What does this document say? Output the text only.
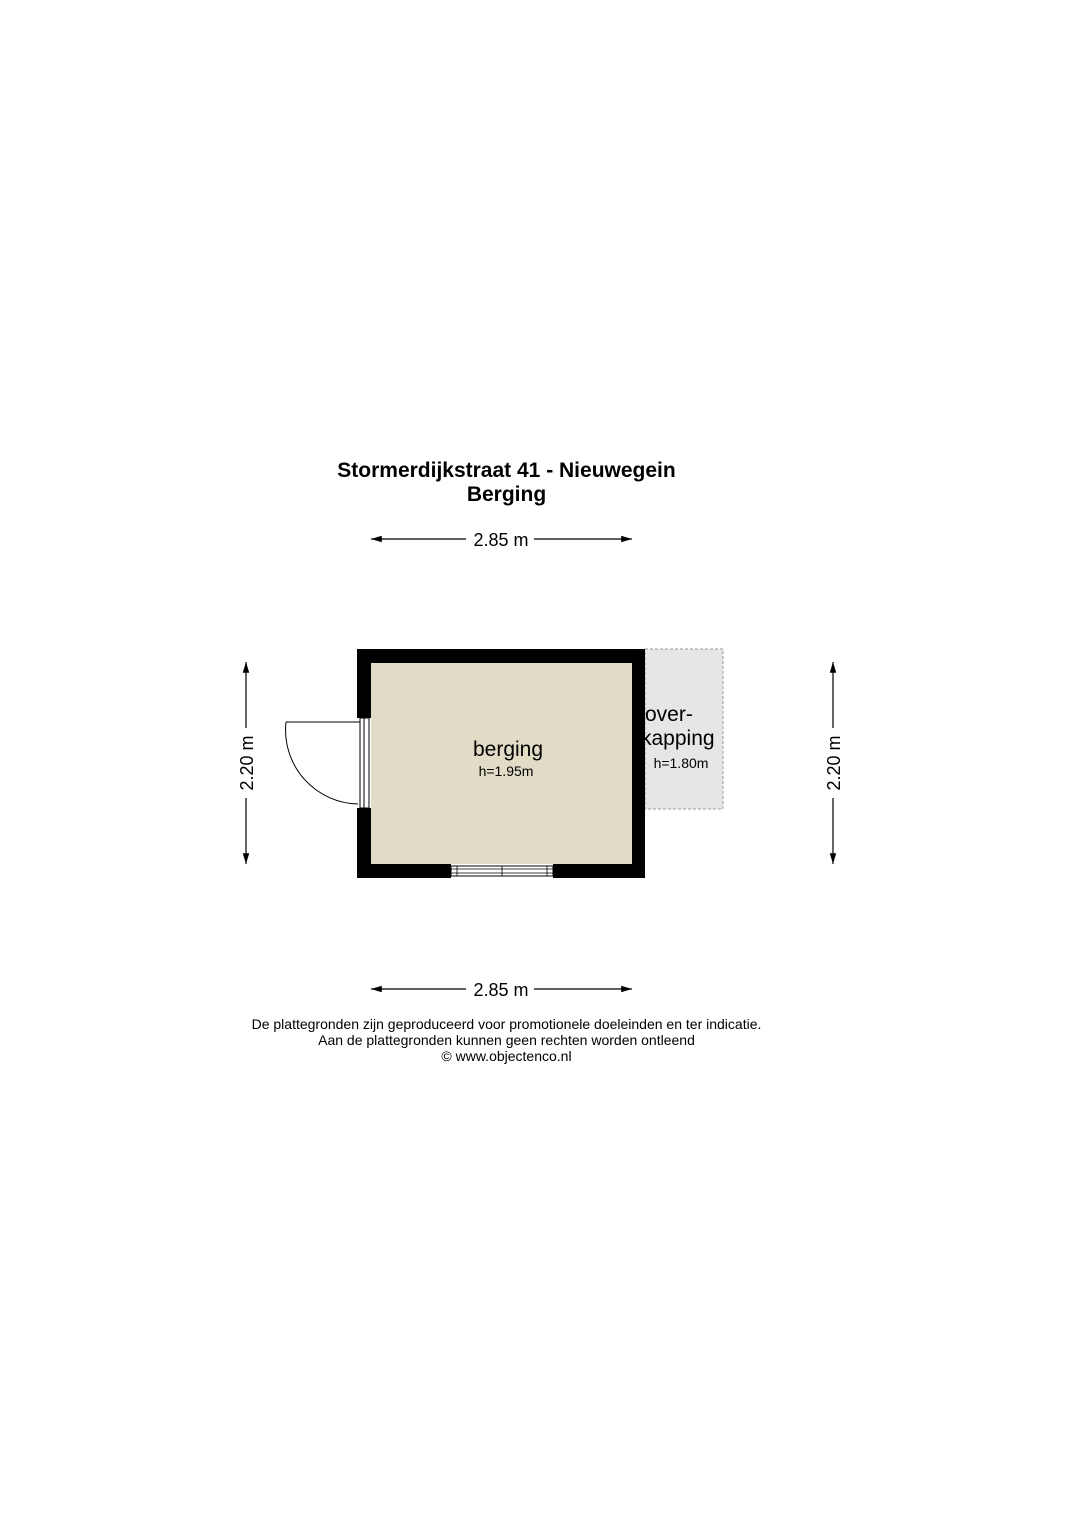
Stormerdijkstraat 41 - Nieuwegein
Berging
2.85 m
2.85 m
2.20 m	2.20 m
berging
h=1.95m
over-
kapping
h=1.80m
De plattegronden zijn geproduceerd voor promotionele doeleinden en ter indicatie.
Aan de plattegronden kunnen geen rechten worden ontleend
© www.objectenco.nl
